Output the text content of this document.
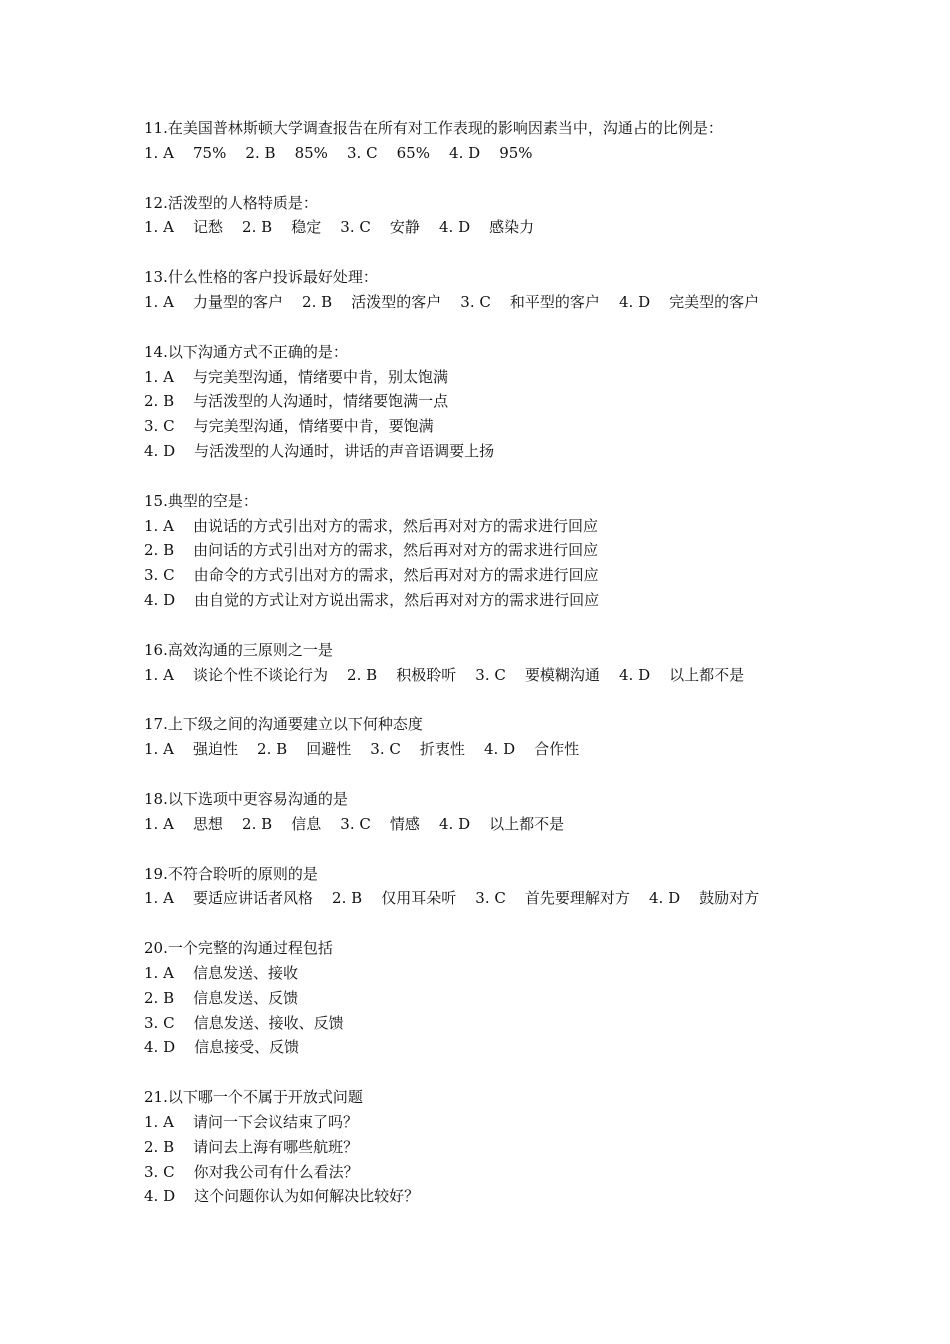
11.在美国普林斯顿大学调查报告在所有对工作表现的影响因素当中，沟通占的比例是：
1. A    75%    2. B    85%    3. C    65%    4. D    95%
12.活泼型的人格特质是：
1. A    记愁    2. B    稳定    3. C    安静    4. D    感染力
13.什么性格的客户投诉最好处理：
1. A    力量型的客户    2. B    活泼型的客户    3. C    和平型的客户    4. D    完美型的客户
14.以下沟通方式不正确的是：
1. A    与完美型沟通，情绪要中肯，别太饱满
2. B    与活泼型的人沟通时，情绪要饱满一点
3. C    与完美型沟通，情绪要中肯，要饱满
4. D    与活泼型的人沟通时，讲话的声音语调要上扬
15.典型的空是：
1. A    由说话的方式引出对方的需求，然后再对对方的需求进行回应
2. B    由问话的方式引出对方的需求，然后再对对方的需求进行回应
3. C    由命令的方式引出对方的需求，然后再对对方的需求进行回应
4. D    由自觉的方式让对方说出需求，然后再对对方的需求进行回应
16.高效沟通的三原则之一是
1. A    谈论个性不谈论行为    2. B    积极聆听    3. C    要模糊沟通    4. D    以上都不是
17.上下级之间的沟通要建立以下何种态度
1. A    强迫性    2. B    回避性    3. C    折衷性    4. D    合作性
18.以下选项中更容易沟通的是
1. A    思想    2. B    信息    3. C    情感    4. D    以上都不是
19.不符合聆听的原则的是
1. A    要适应讲话者风格    2. B    仅用耳朵听    3. C    首先要理解对方    4. D    鼓励对方
20.一个完整的沟通过程包括
1. A    信息发送、接收
2. B    信息发送、反馈
3. C    信息发送、接收、反馈
4. D    信息接受、反馈
21.以下哪一个不属于开放式问题
1. A    请问一下会议结束了吗？
2. B    请问去上海有哪些航班？
3. C    你对我公司有什么看法？
4. D    这个问题你认为如何解决比较好？
